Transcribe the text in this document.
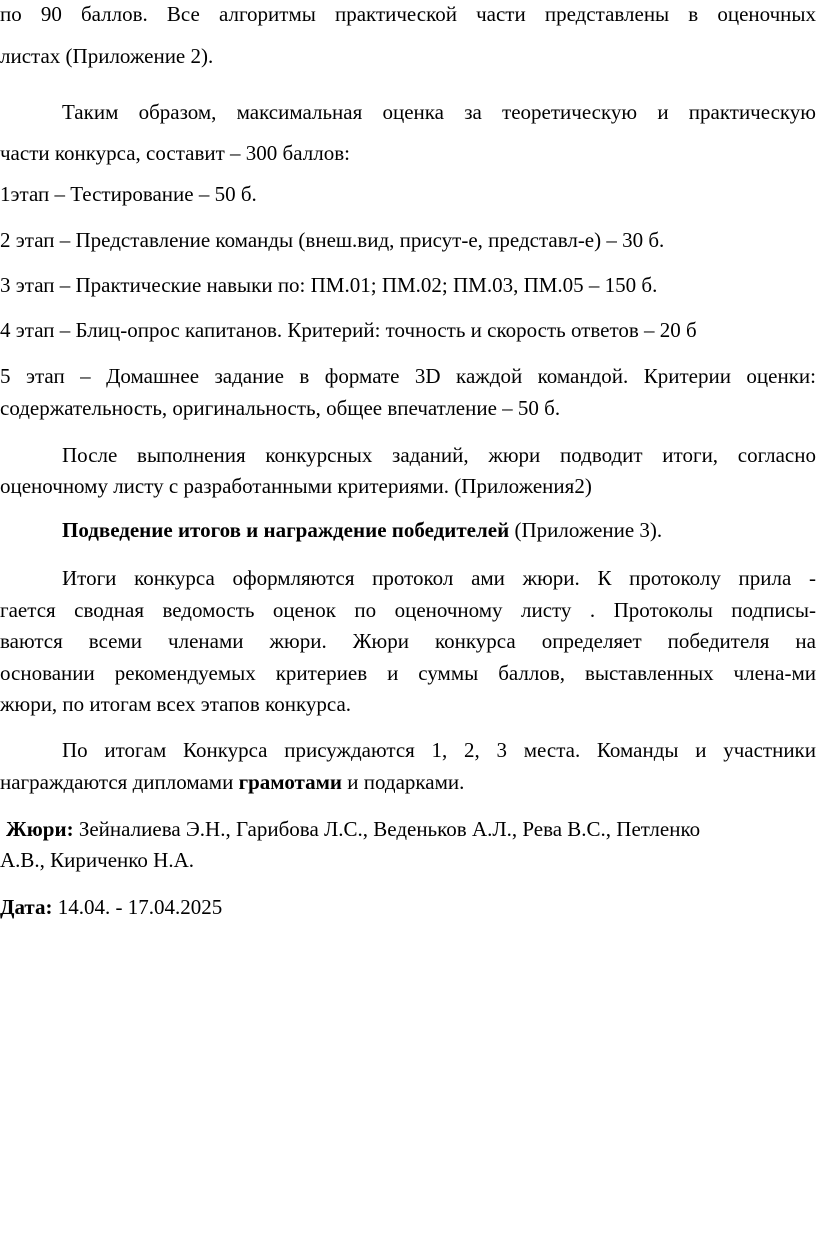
по 90 баллов. Все алгоритмы практической части представлены в оценочных
листах (Приложение 2).
Таким образом, максимальная оценка за теоретическую и практическую
части конкурса, составит – 300 баллов:
1этап – Тестирование – 50 б.
2 этап – Представление команды (внеш.вид, присут-е, представл-е) – 30 б.
3 этап – Практические навыки по: ПМ.01; ПМ.02; ПМ.03, ПМ.05 – 150 б.
4 этап – Блиц-опрос капитанов. Критерий: точность и скорость ответов – 20 б
5 этап – Домашнее задание в формате 3D каждой командой. Критерии оценки:
содержательность, оригинальность, общее впечатление – 50 б.
После выполнения конкурсных заданий, жюри подводит итоги, согласно
оценочному листу с разработанными критериями. (Приложения2)
Подведение итогов и награждение победителей (Приложение 3).
Итоги конкурса оформляются протокол ами жюри. К протоколу прила -
гается сводная ведомость оценок по оценочному листу . Протоколы подписы-
ваются всеми членами жюри. Жюри конкурса определяет победителя на
основании рекомендуемых критериев и суммы баллов, выставленных члена-ми
жюри, по итогам всех этапов конкурса.
По итогам Конкурса присуждаются 1, 2, 3 места. Команды и участники
награждаются дипломами грамотами и подарками.
Жюри: Зейналиева Э.Н., Гарибова Л.С., Веденьков А.Л., Рева В.С., Петленко
А.В., Кириченко Н.А.
Дата: 14.04. - 17.04.2025
